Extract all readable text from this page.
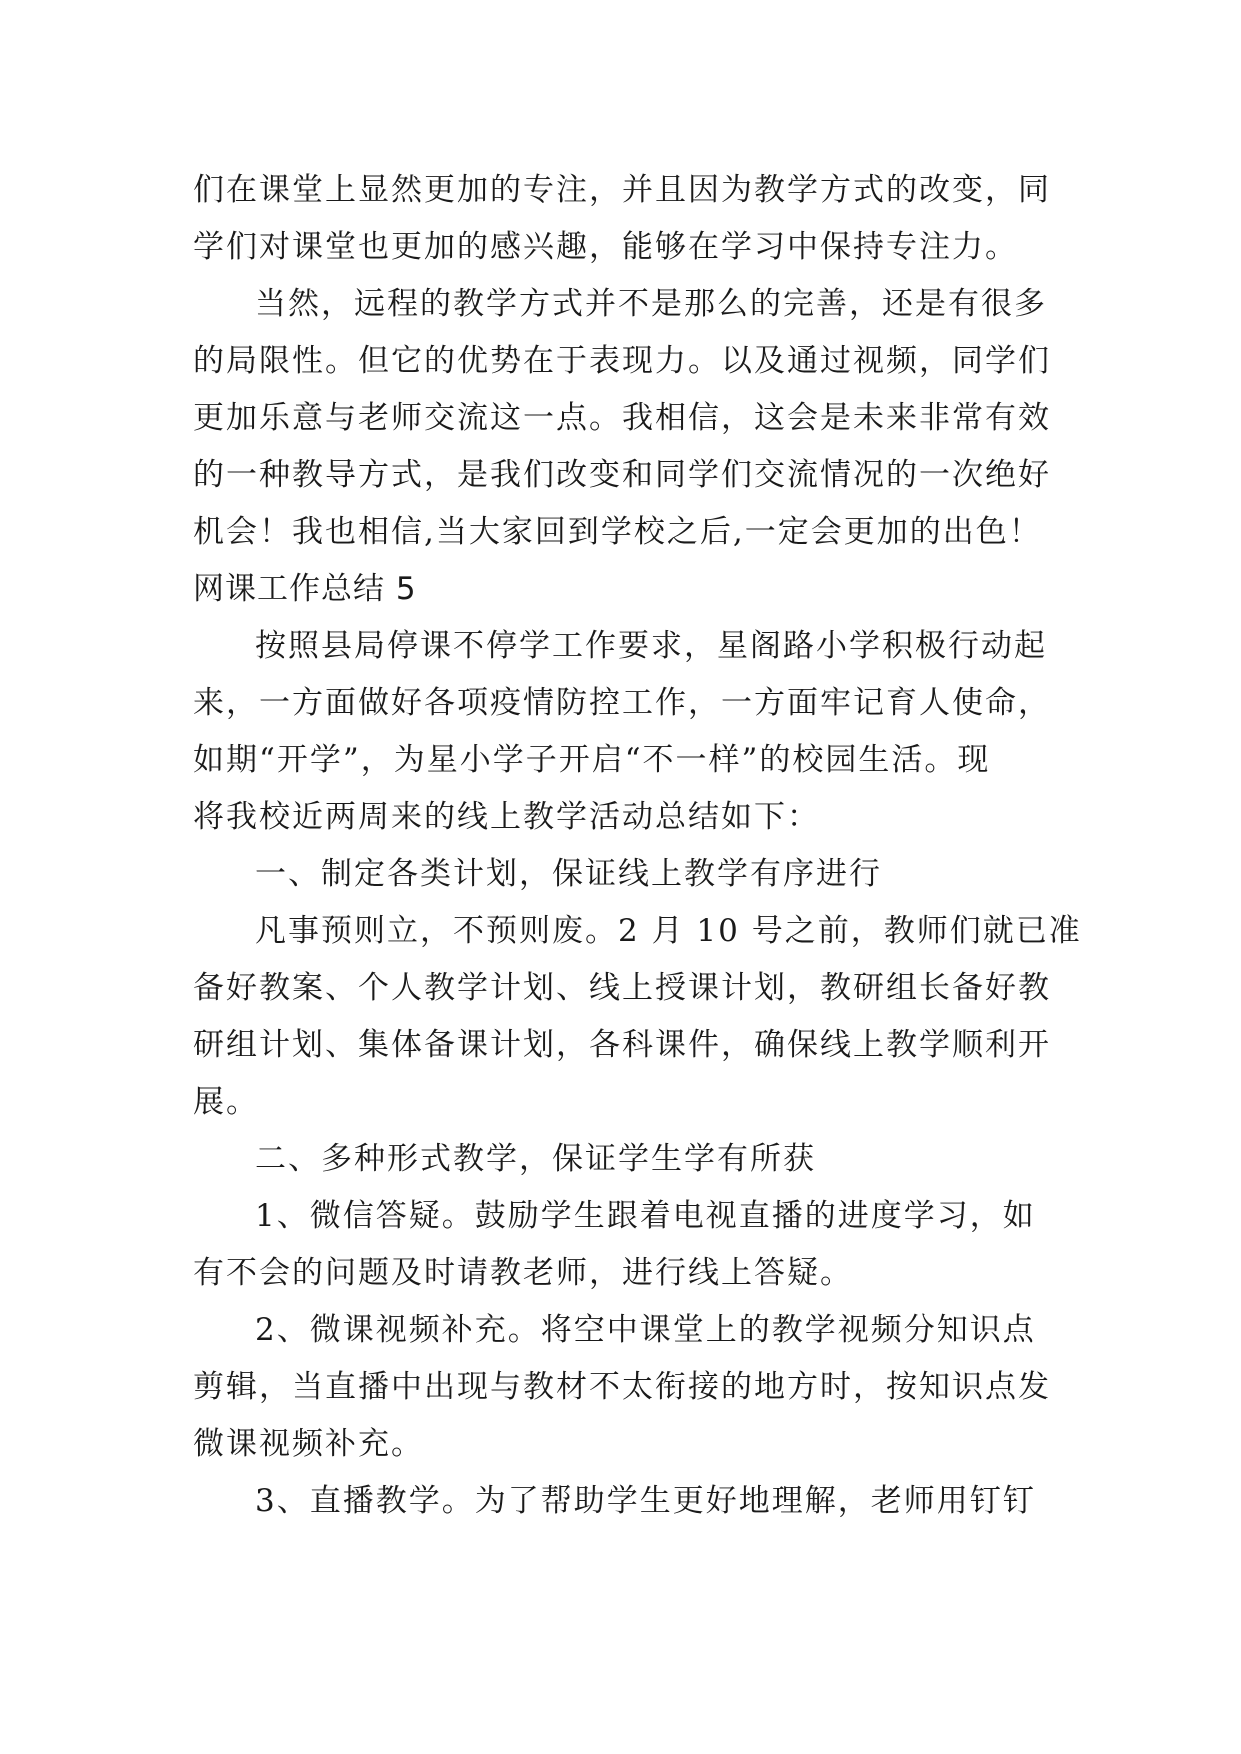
们在课堂上显然更加的专注，并且因为教学方式的改变，同
学们对课堂也更加的感兴趣，能够在学习中保持专注力。
当然，远程的教学方式并不是那么的完善，还是有很多
的局限性。但它的优势在于表现力。以及通过视频，同学们
更加乐意与老师交流这一点。我相信，这会是未来非常有效
的一种教导方式，是我们改变和同学们交流情况的一次绝好
机会！我也相信,当大家回到学校之后,一定会更加的出色！
网课工作总结 5
按照县局停课不停学工作要求，星阁路小学积极行动起
来，一方面做好各项疫情防控工作，一方面牢记育人使命，
如期“开学”，为星小学子开启“不一样”的校园生活。现
将我校近两周来的线上教学活动总结如下：
一、制定各类计划，保证线上教学有序进行
凡事预则立，不预则废。2 月 10 号之前，教师们就已准
备好教案、个人教学计划、线上授课计划，教研组长备好教
研组计划、集体备课计划，各科课件，确保线上教学顺利开
展。
二、多种形式教学，保证学生学有所获
1、微信答疑。鼓励学生跟着电视直播的进度学习，如
有不会的问题及时请教老师，进行线上答疑。
2、微课视频补充。将空中课堂上的教学视频分知识点
剪辑，当直播中出现与教材不太衔接的地方时，按知识点发
微课视频补充。
3、直播教学。为了帮助学生更好地理解，老师用钉钉
